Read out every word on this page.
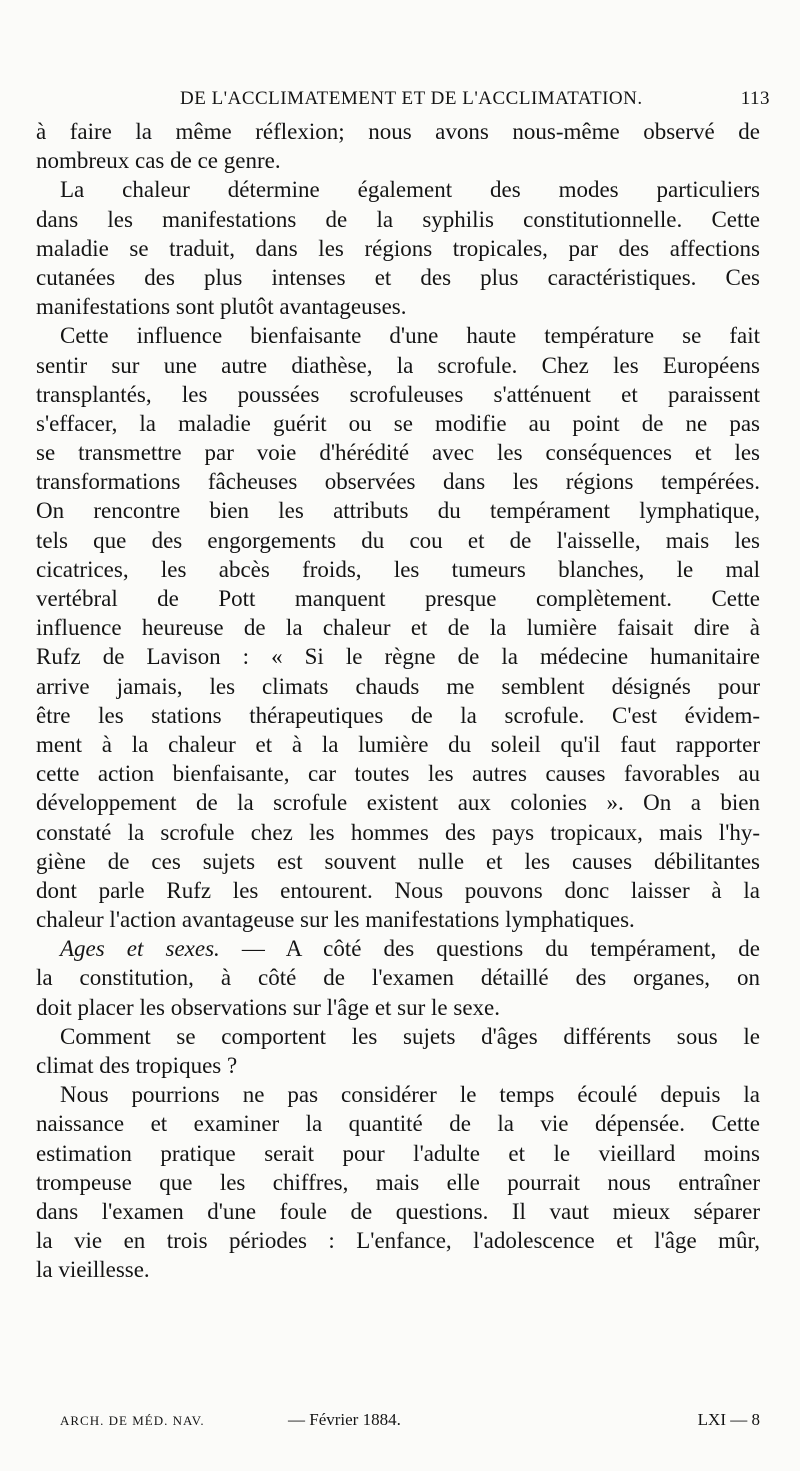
DE L'ACCLIMATEMENT ET DE L'ACCLIMATATION.	113
à faire la même réflexion; nous avons nous-même observé de
nombreux cas de ce genre.
La chaleur détermine également des modes particuliers
dans les manifestations de la syphilis constitutionnelle. Cette
maladie se traduit, dans les régions tropicales, par des affections
cutanées des plus intenses et des plus caractéristiques. Ces
manifestations sont plutôt avantageuses.
Cette influence bienfaisante d'une haute température se fait
sentir sur une autre diathèse, la scrofule. Chez les Européens
transplantés, les poussées scrofuleuses s'atténuent et paraissent
s'effacer, la maladie guérit ou se modifie au point de ne pas
se transmettre par voie d'hérédité avec les conséquences et les
transformations fâcheuses observées dans les régions tempérées.
On rencontre bien les attributs du tempérament lymphatique,
tels que des engorgements du cou et de l'aisselle, mais les
cicatrices, les abcès froids, les tumeurs blanches, le mal
vertébral de Pott manquent presque complètement. Cette
influence heureuse de la chaleur et de la lumière faisait dire à
Rufz de Lavison : « Si le règne de la médecine humanitaire
arrive jamais, les climats chauds me semblent désignés pour
être les stations thérapeutiques de la scrofule. C'est évidem-
ment à la chaleur et à la lumière du soleil qu'il faut rapporter
cette action bienfaisante, car toutes les autres causes favorables au
développement de la scrofule existent aux colonies ». On a bien
constaté la scrofule chez les hommes des pays tropicaux, mais l'hy-
giène de ces sujets est souvent nulle et les causes débilitantes
dont parle Rufz les entourent. Nous pouvons donc laisser à la
chaleur l'action avantageuse sur les manifestations lymphatiques.
Ages et sexes. — A côté des questions du tempérament, de
la constitution, à côté de l'examen détaillé des organes, on
doit placer les observations sur l'âge et sur le sexe.
Comment se comportent les sujets d'âges différents sous le
climat des tropiques ?
Nous pourrions ne pas considérer le temps écoulé depuis la
naissance et examiner la quantité de la vie dépensée. Cette
estimation pratique serait pour l'adulte et le vieillard moins
trompeuse que les chiffres, mais elle pourrait nous entraîner
dans l'examen d'une foule de questions. Il vaut mieux séparer
la vie en trois périodes : L'enfance, l'adolescence et l'âge mûr,
la vieillesse.
ARCH. DE MÉD. NAV.	— Février 1884.	LXI — 8
